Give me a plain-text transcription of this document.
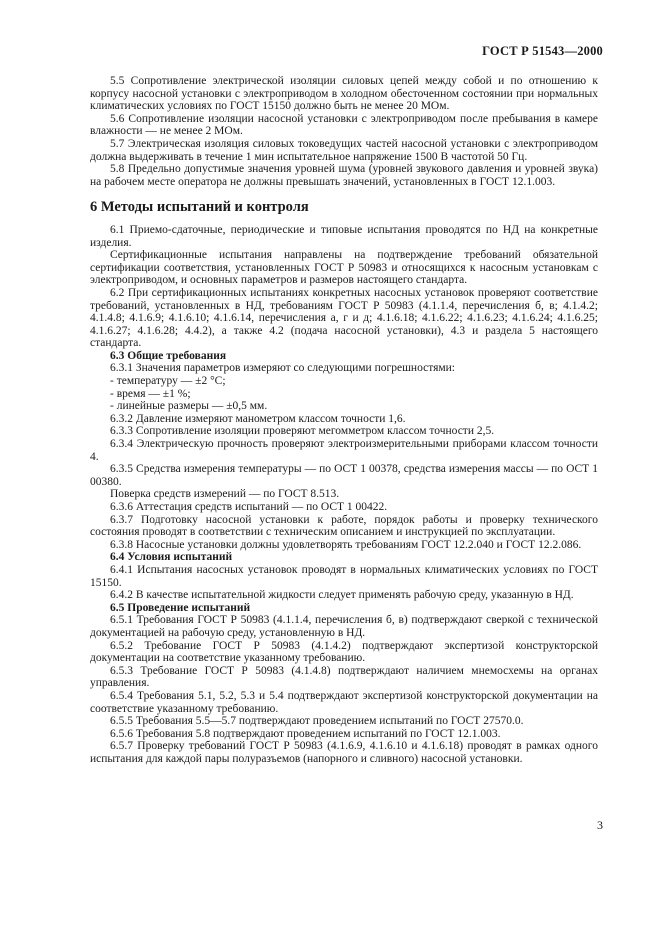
ГОСТ Р 51543—2000

5.5 Сопротивление электрической изоляции силовых цепей между собой и по отношению к корпусу насосной установки с электроприводом в холодном обесточенном состоянии при нормальных климатических условиях по ГОСТ 15150 должно быть не менее 20 МОм.

5.6 Сопротивление изоляции насосной установки с электроприводом после пребывания в камере влажности — не менее 2 МОм.

5.7 Электрическая изоляция силовых токоведущих частей насосной установки с электроприводом должна выдерживать в течение 1 мин испытательное напряжение 1500 В частотой 50 Гц.

5.8 Предельно допустимые значения уровней шума (уровней звукового давления и уровней звука) на рабочем месте оператора не должны превышать значений, установленных в ГОСТ 12.1.003.

6 Методы испытаний и контроля

6.1 Приемо-сдаточные, периодические и типовые испытания проводятся по НД на конкретные изделия.

Сертификационные испытания направлены на подтверждение требований обязательной сертификации соответствия, установленных ГОСТ Р 50983 и относящихся к насосным установкам с электроприводом, и основных параметров и размеров настоящего стандарта.

6.2 При сертификационных испытаниях конкретных насосных установок проверяют соответствие требований, установленных в НД, требованиям ГОСТ Р 50983 (4.1.1.4, перечисления б, в; 4.1.4.2; 4.1.4.8; 4.1.6.9; 4.1.6.10; 4.1.6.14, перечисления а, г и д; 4.1.6.18; 4.1.6.22; 4.1.6.23; 4.1.6.24; 4.1.6.25; 4.1.6.27; 4.1.6.28; 4.4.2), а также 4.2 (подача насосной установки), 4.3 и раздела 5 настоящего стандарта.

6.3 Общие требования

6.3.1 Значения параметров измеряют со следующими погрешностями:

- температуру — ±2 °С;

- время — ±1 %;

- линейные размеры — ±0,5 мм.

6.3.2 Давление измеряют манометром классом точности 1,6.

6.3.3 Сопротивление изоляции проверяют мегомметром классом точности 2,5.

6.3.4 Электрическую прочность проверяют электроизмерительными приборами классом точности 4.

6.3.5 Средства измерения температуры — по ОСТ 1 00378, средства измерения массы — по ОСТ 1 00380.

Поверка средств измерений — по ГОСТ 8.513.

6.3.6 Аттестация средств испытаний — по ОСТ 1 00422.

6.3.7 Подготовку насосной установки к работе, порядок работы и проверку технического состояния проводят в соответствии с техническим описанием и инструкцией по эксплуатации.

6.3.8 Насосные установки должны удовлетворять требованиям ГОСТ 12.2.040 и ГОСТ 12.2.086.

6.4 Условия испытаний

6.4.1 Испытания насосных установок проводят в нормальных климатических условиях по ГОСТ 15150.

6.4.2 В качестве испытательной жидкости следует применять рабочую среду, указанную в НД.

6.5 Проведение испытаний

6.5.1 Требования ГОСТ Р 50983 (4.1.1.4, перечисления б, в) подтверждают сверкой с технической документацией на рабочую среду, установленную в НД.

6.5.2 Требование ГОСТ Р 50983 (4.1.4.2) подтверждают экспертизой конструкторской документации на соответствие указанному требованию.

6.5.3 Требование ГОСТ Р 50983 (4.1.4.8) подтверждают наличием мнемосхемы на органах управления.

6.5.4 Требования 5.1, 5.2, 5.3 и 5.4 подтверждают экспертизой конструкторской документации на соответствие указанному требованию.

6.5.5 Требования 5.5—5.7 подтверждают проведением испытаний по ГОСТ 27570.0.

6.5.6 Требования 5.8 подтверждают проведением испытаний по ГОСТ 12.1.003.

6.5.7 Проверку требований ГОСТ Р 50983 (4.1.6.9, 4.1.6.10 и 4.1.6.18) проводят в рамках одного испытания для каждой пары полуразъемов (напорного и сливного) насосной установки.

3
